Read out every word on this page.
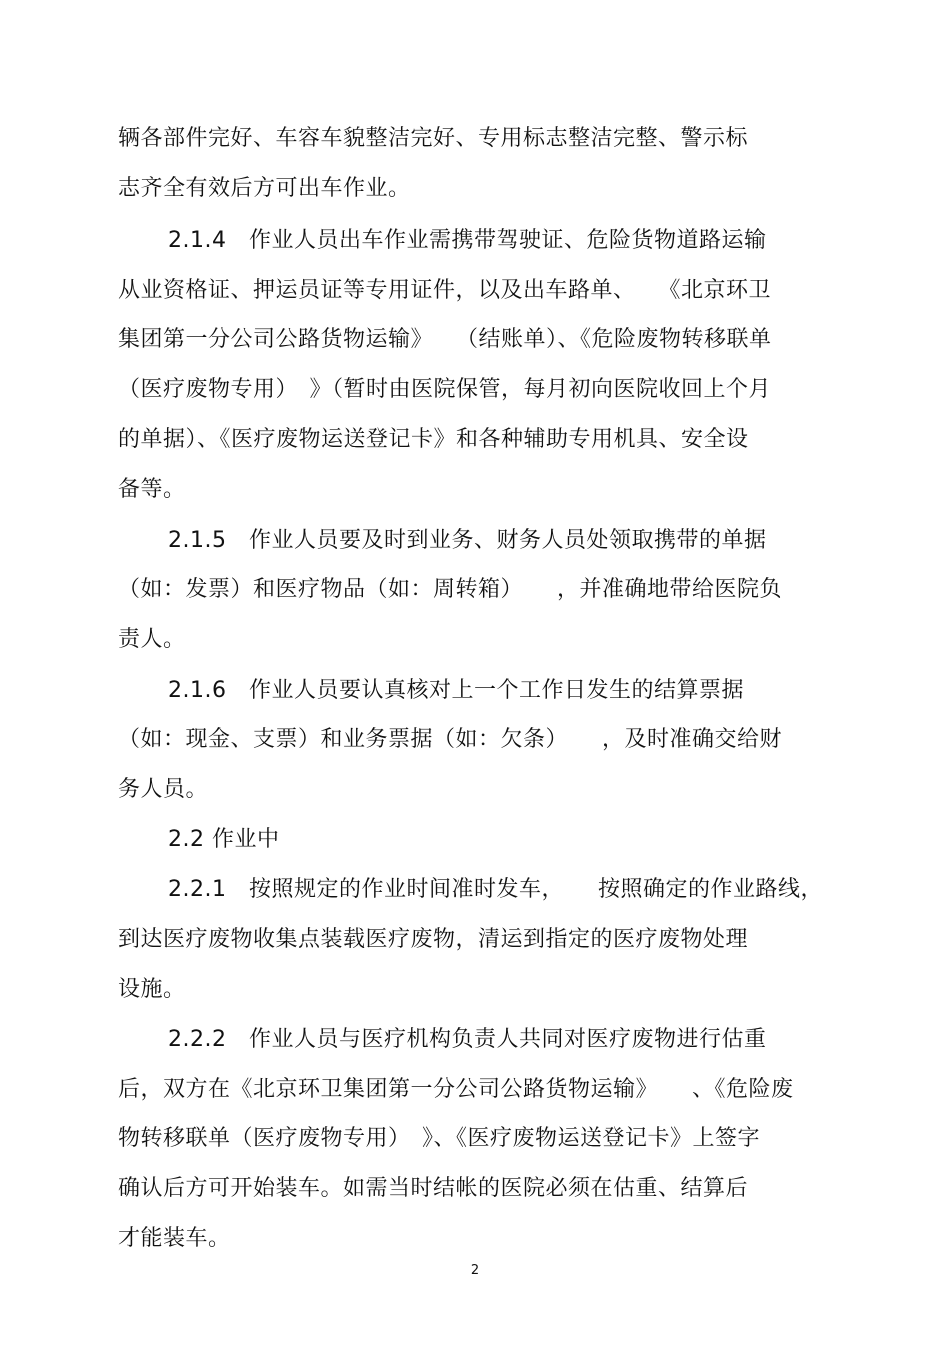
辆各部件完好、车容车貌整洁完好、专用标志整洁完整、警示标
志齐全有效后方可出车作业。
2.1.4　作业人员出车作业需携带驾驶证、危险货物道路运输
从业资格证、押运员证等专用证件，以及出车路单、　　《北京环卫
集团第一分公司公路货物运输》　　（结账单）、《危险废物转移联单
（医疗废物专用）　》（暂时由医院保管，每月初向医院收回上个月
的单据）、《医疗废物运送登记卡》和各种辅助专用机具、安全设
备等。
2.1.5　作业人员要及时到业务、财务人员处领取携带的单据
（如：发票）和医疗物品（如：周转箱）　　，并准确地带给医院负
责人。
2.1.6　作业人员要认真核对上一个工作日发生的结算票据
（如：现金、支票）和业务票据（如：欠条）　　，及时准确交给财
务人员。
2.2 作业中
2.2.1　按照规定的作业时间准时发车，　　按照确定的作业路线，
到达医疗废物收集点装载医疗废物，清运到指定的医疗废物处理
设施。
2.2.2　作业人员与医疗机构负责人共同对医疗废物进行估重
后，双方在《北京环卫集团第一分公司公路货物运输》　　、《危险废
物转移联单（医疗废物专用）　》、《医疗废物运送登记卡》上签字
确认后方可开始装车。如需当时结帐的医院必须在估重、结算后
才能装车。
2
